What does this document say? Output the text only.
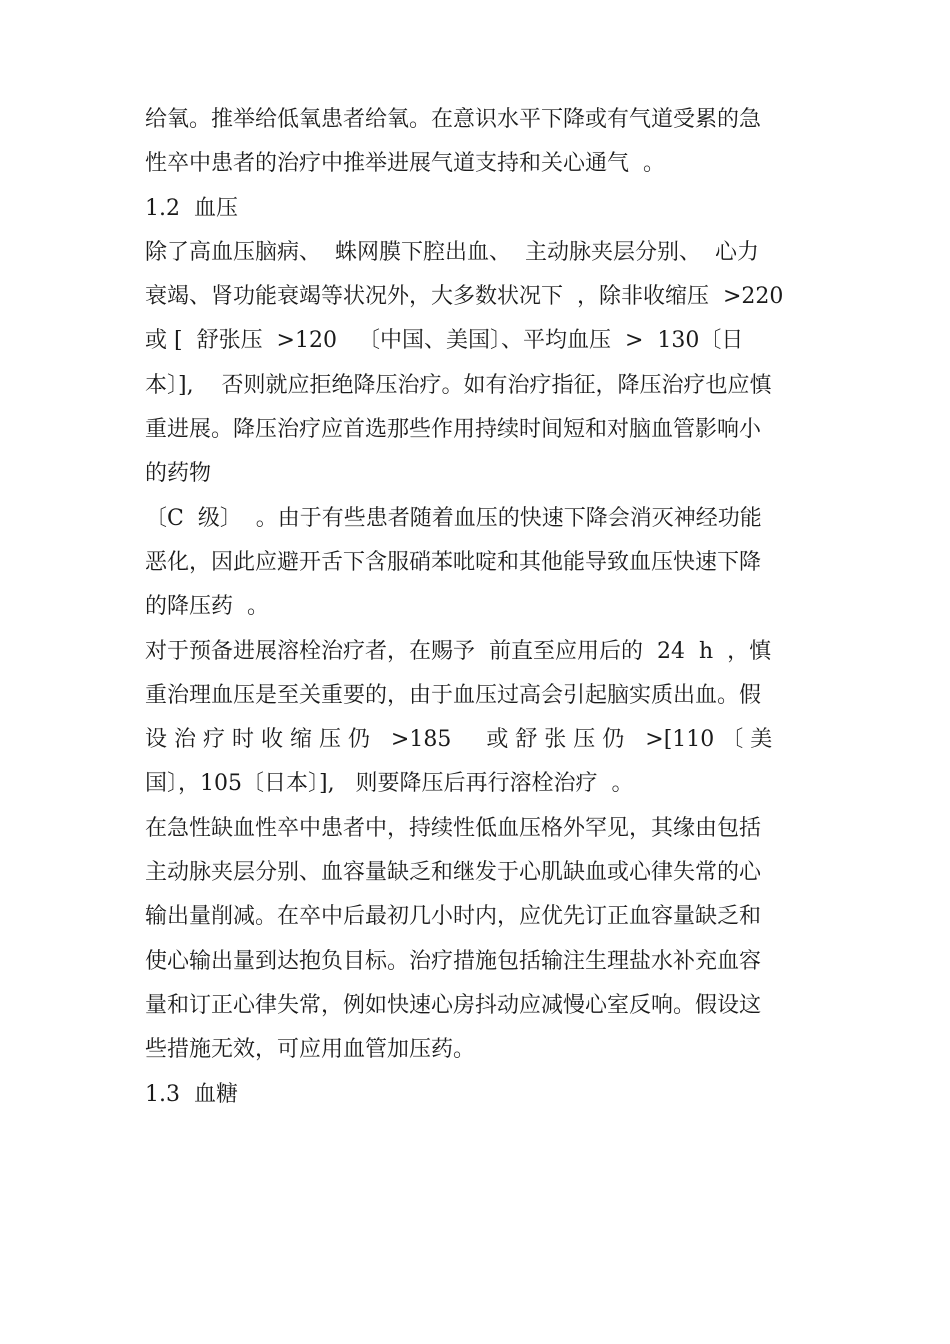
给氧。推举给低氧患者给氧。在意识水平下降或有气道受累的急
性卒中患者的治疗中推举进展气道支持和关心通气  。
1.2  血压
除了高血压脑病、  蛛网膜下腔出血、  主动脉夹层分别、  心力
衰竭、肾功能衰竭等状况外，大多数状况下  ，除非收缩压  >220
或 [  舒张压  >120   〔中国、美国〕、平均血压  >  130〔日
本〕],    否则就应拒绝降压治疗。如有治疗指征，降压治疗也应慎
重进展。降压治疗应首选那些作用持续时间短和对脑血管影响小
的药物
〔C  级〕  。由于有些患者随着血压的快速下降会消灭神经功能
恶化，因此应避开舌下含服硝苯吡啶和其他能导致血压快速下降
的降压药  。
对于预备进展溶栓治疗者，在赐予  前直至应用后的  24  h  ，慎
重治理血压是至关重要的，由于血压过高会引起脑实质出血。假
设 治 疗 时 收 缩 压 仍   >185     或 舒 张 压 仍   >[110 〔 美
国〕，105〔日本〕],   则要降压后再行溶栓治疗  。
在急性缺血性卒中患者中，持续性低血压格外罕见，其缘由包括
主动脉夹层分别、血容量缺乏和继发于心肌缺血或心律失常的心
输出量削减。在卒中后最初几小时内，应优先订正血容量缺乏和
使心输出量到达抱负目标。治疗措施包括输注生理盐水补充血容
量和订正心律失常，例如快速心房抖动应减慢心室反响。假设这
些措施无效，可应用血管加压药。
1.3  血糖
